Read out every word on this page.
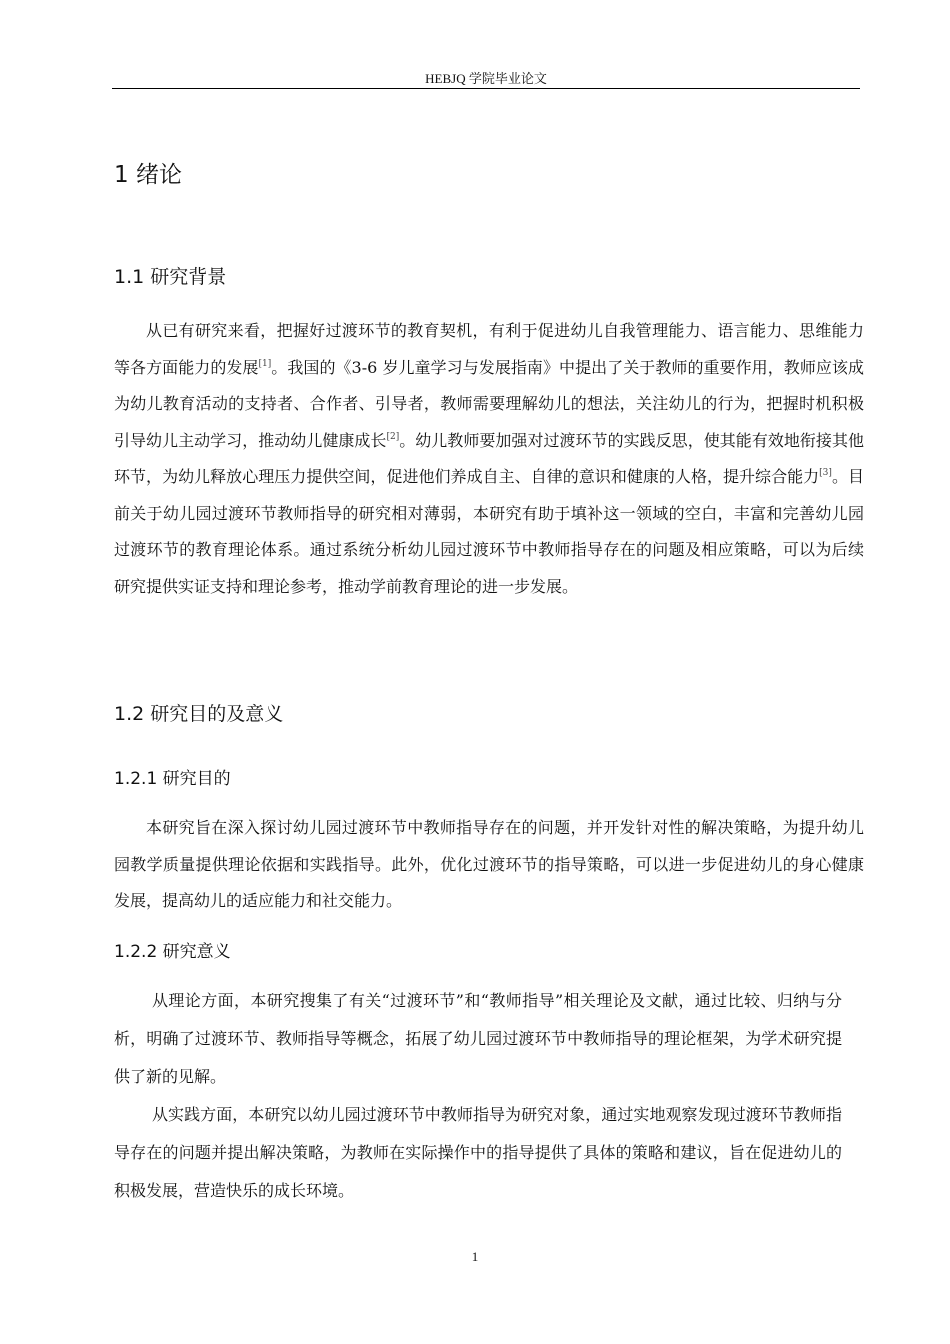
HEBJQ 学院毕业论文
1 绪论
1.1 研究背景

从已有研究来看，把握好过渡环节的教育契机，有利于促进幼儿自我管理能力、语言能力、思维能力等各方面能力的发展[1]。我国的《3-6 岁儿童学习与发展指南》中提出了关于教师的重要作用，教师应该成为幼儿教育活动的支持者、合作者、引导者，教师需要理解幼儿的想法，关注幼儿的行为，把握时机积极引导幼儿主动学习，推动幼儿健康成长[2]。幼儿教师要加强对过渡环节的实践反思，使其能有效地衔接其他环节，为幼儿释放心理压力提供空间，促进他们养成自主、自律的意识和健康的人格，提升综合能力[3]。目前关于幼儿园过渡环节教师指导的研究相对薄弱，本研究有助于填补这一领域的空白，丰富和完善幼儿园过渡环节的教育理论体系。通过系统分析幼儿园过渡环节中教师指导存在的问题及相应策略，可以为后续研究提供实证支持和理论参考，推动学前教育理论的进一步发展。

1.2 研究目的及意义
1.2.1 研究目的

本研究旨在深入探讨幼儿园过渡环节中教师指导存在的问题，并开发针对性的解决策略，为提升幼儿园教学质量提供理论依据和实践指导。此外，优化过渡环节的指导策略，可以进一步促进幼儿的身心健康发展，提高幼儿的适应能力和社交能力。

1.2.2 研究意义

从理论方面，本研究搜集了有关“过渡环节”和“教师指导”相关理论及文献，通过比较、归纳与分析，明确了过渡环节、教师指导等概念，拓展了幼儿园过渡环节中教师指导的理论框架，为学术研究提供了新的见解。

从实践方面，本研究以幼儿园过渡环节中教师指导为研究对象，通过实地观察发现过渡环节教师指导存在的问题并提出解决策略，为教师在实际操作中的指导提供了具体的策略和建议，旨在促进幼儿的积极发展，营造快乐的成长环境。

1
